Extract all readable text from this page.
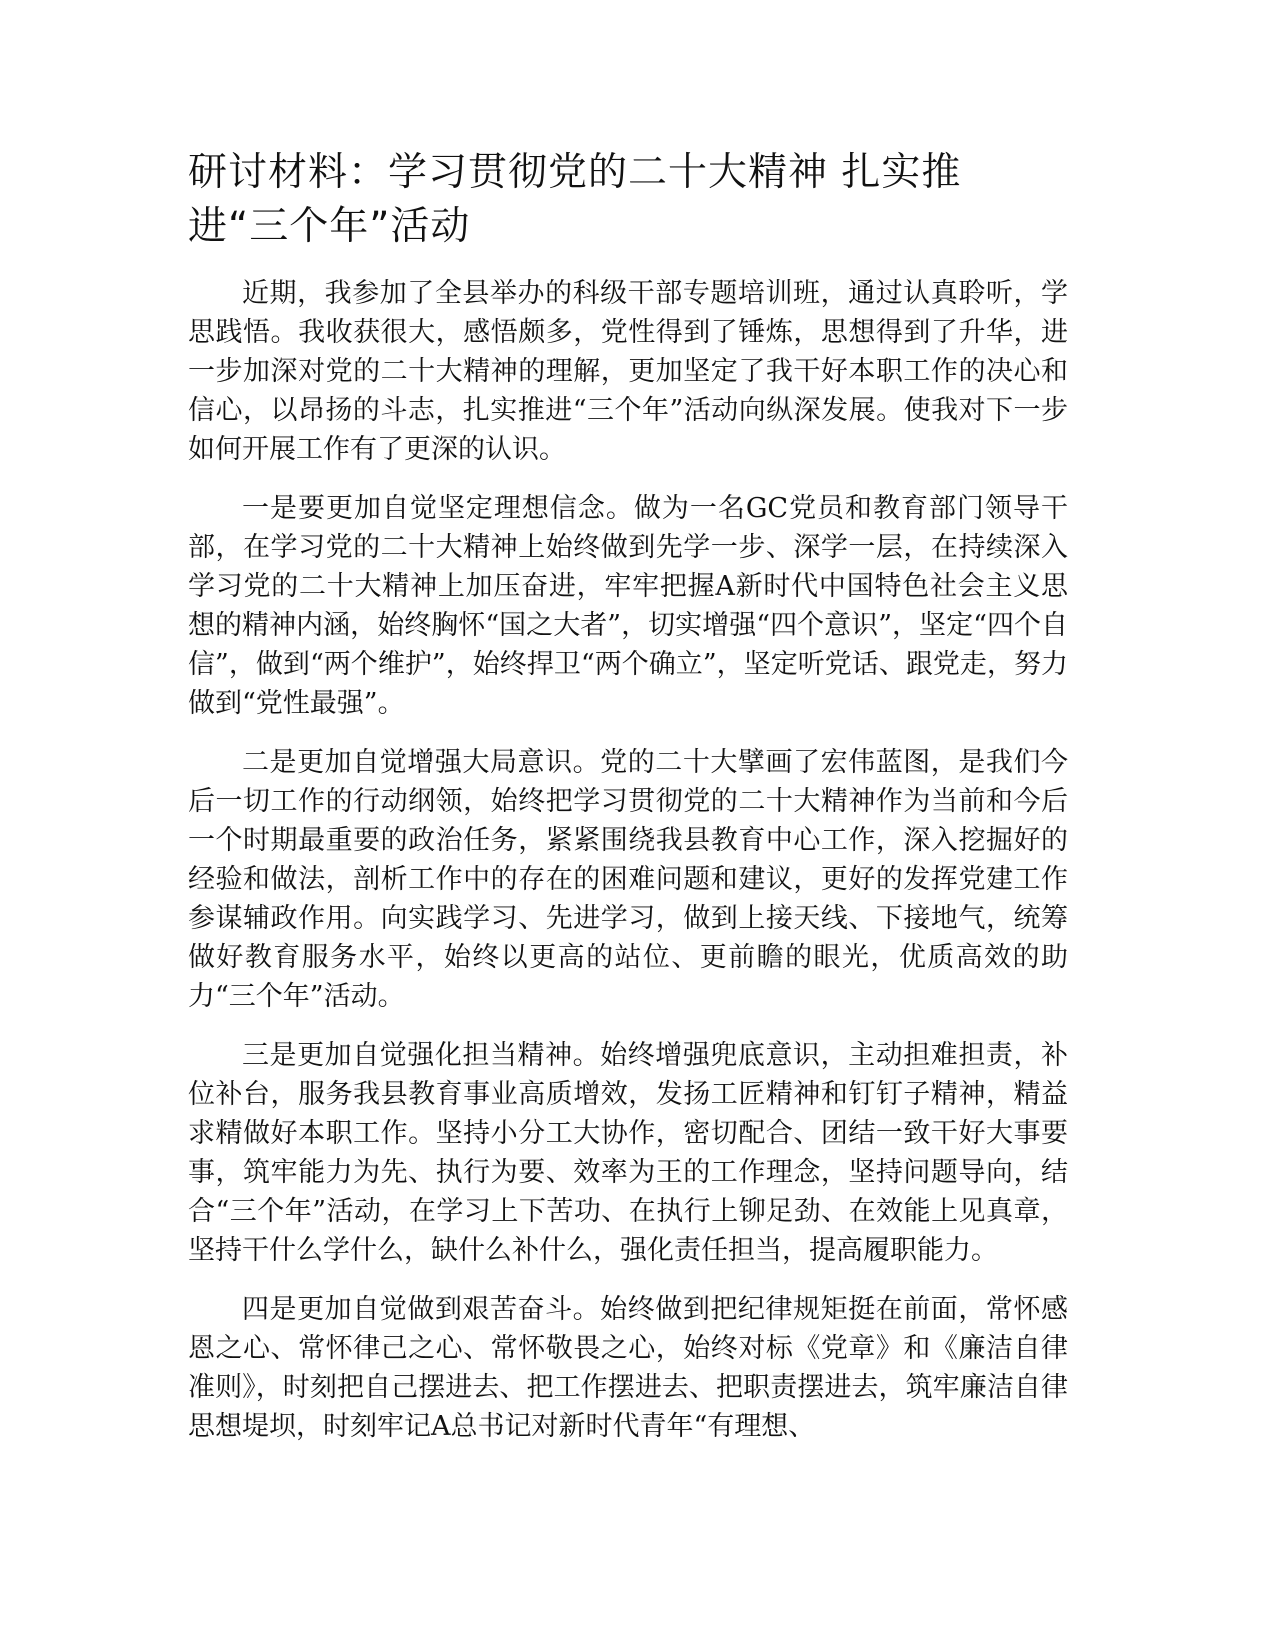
研讨材料：学习贯彻党的二十大精神 扎实推进“三个年”活动

近期，我参加了全县举办的科级干部专题培训班，通过认真聆听，学思践悟。我收获很大，感悟颇多，党性得到了锤炼，思想得到了升华，进一步加深对党的二十大精神的理解，更加坚定了我干好本职工作的决心和信心，以昂扬的斗志，扎实推进“三个年”活动向纵深发展。使我对下一步如何开展工作有了更深的认识。

一是要更加自觉坚定理想信念。做为一名GC党员和教育部门领导干部，在学习党的二十大精神上始终做到先学一步、深学一层，在持续深入学习党的二十大精神上加压奋进，牢牢把握A新时代中国特色社会主义思想的精神内涵，始终胸怀“国之大者”，切实增强“四个意识”，坚定“四个自信”，做到“两个维护”，始终捍卫“两个确立”，坚定听党话、跟党走，努力做到“党性最强”。

二是更加自觉增强大局意识。党的二十大擘画了宏伟蓝图，是我们今后一切工作的行动纲领，始终把学习贯彻党的二十大精神作为当前和今后一个时期最重要的政治任务，紧紧围绕我县教育中心工作，深入挖掘好的经验和做法，剖析工作中的存在的困难问题和建议，更好的发挥党建工作参谋辅政作用。向实践学习、先进学习，做到上接天线、下接地气，统筹做好教育服务水平，始终以更高的站位、更前瞻的眼光，优质高效的助力“三个年”活动。

三是更加自觉强化担当精神。始终增强兜底意识，主动担难担责，补位补台，服务我县教育事业高质增效，发扬工匠精神和钉钉子精神，精益求精做好本职工作。坚持小分工大协作，密切配合、团结一致干好大事要事，筑牢能力为先、执行为要、效率为王的工作理念，坚持问题导向，结合“三个年”活动，在学习上下苦功、在执行上铆足劲、在效能上见真章，坚持干什么学什么，缺什么补什么，强化责任担当，提高履职能力。

四是更加自觉做到艰苦奋斗。始终做到把纪律规矩挺在前面，常怀感恩之心、常怀律己之心、常怀敬畏之心，始终对标《党章》和《廉洁自律准则》，时刻把自己摆进去、把工作摆进去、把职责摆进去，筑牢廉洁自律思想堤坝，时刻牢记A总书记对新时代青年“有理想、
